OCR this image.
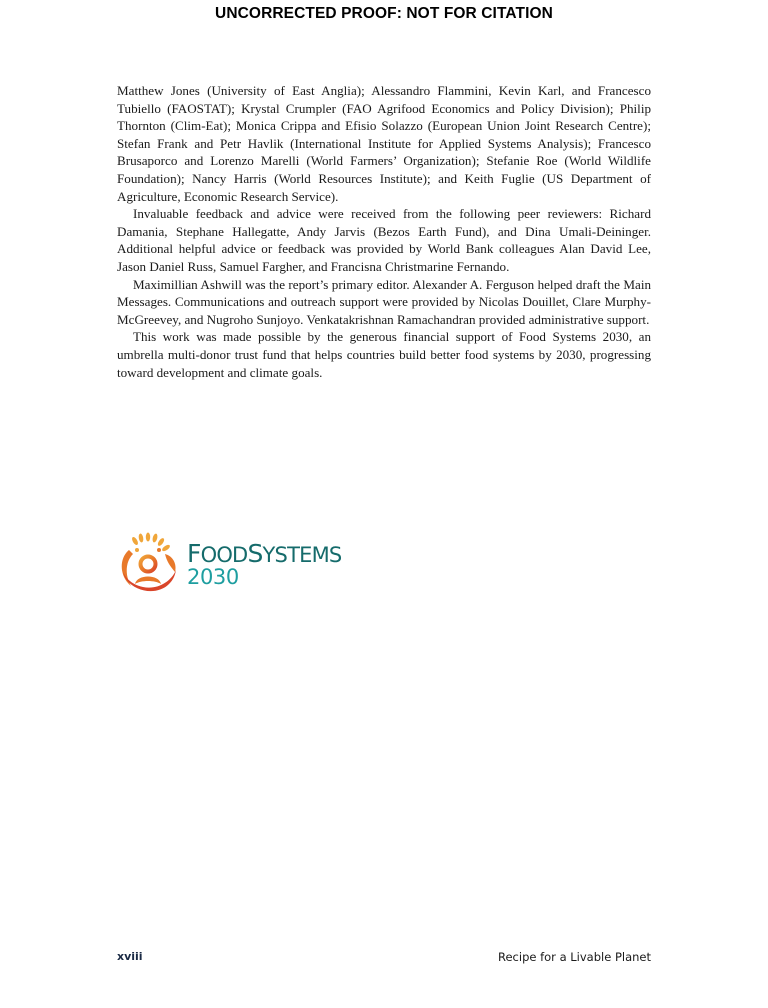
UNCORRECTED PROOF: NOT FOR CITATION

Matthew Jones (University of East Anglia); Alessandro Flammini, Kevin Karl, and Francesco Tubiello (FAOSTAT); Krystal Crumpler (FAO Agrifood Economics and Policy Division); Philip Thornton (Clim-Eat); Monica Crippa and Efisio Solazzo (European Union Joint Research Centre); Stefan Frank and Petr Havlik (International Institute for Applied Systems Analysis); Francesco Brusaporco and Lorenzo Marelli (World Farmers’ Organization); Stefanie Roe (World Wildlife Foundation); Nancy Harris (World Resources Institute); and Keith Fuglie (US Department of Agriculture, Economic Research Service).

Invaluable feedback and advice were received from the following peer reviewers: Richard Damania, Stephane Hallegatte, Andy Jarvis (Bezos Earth Fund), and Dina Umali-Deininger. Additional helpful advice or feedback was provided by World Bank colleagues Alan David Lee, Jason Daniel Russ, Samuel Fargher, and Francisna Christmarine Fernando.

Maximillian Ashwill was the report’s primary editor. Alexander A. Ferguson helped draft the Main Messages. Communications and outreach support were provided by Nicolas Douillet, Clare Murphy-McGreevey, and Nugroho Sunjoyo. Venkatakrishnan Ramachandran provided administrative support.

This work was made possible by the generous financial support of Food Systems 2030, an umbrella multi-donor trust fund that helps countries build better food systems by 2030, progressing toward development and climate goals.

FOODSYSTEMS
2030
xviii	Recipe for a Livable Planet
